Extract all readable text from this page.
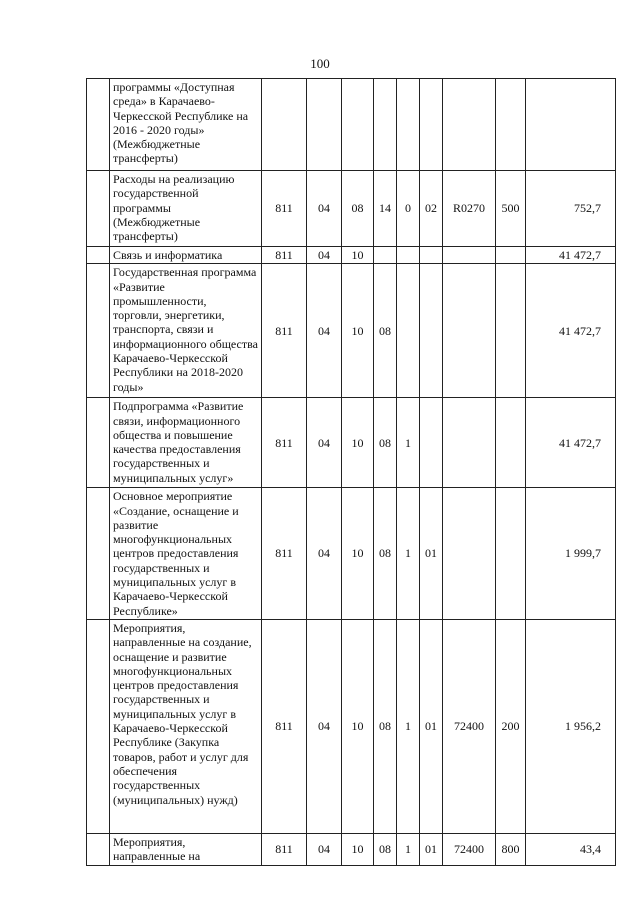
100
	программы «Доступная среда» в Карачаево-Черкесской Республике на 2016 - 2020 годы» (Межбюджетные трансферты)									
	Расходы на реализацию государственной программы (Межбюджетные трансферты)	811	04	08	14	0	02	R0270	500	752,7
	Связь и информатика	811	04	10						41 472,7
	Государственная программа «Развитие промышленности, торговли, энергетики, транспорта, связи и информационного общества Карачаево-Черкесской Республики на 2018-2020 годы»	811	04	10	08					41 472,7
	Подпрограмма «Развитие связи, информационного общества и повышение качества предоставления государственных и муниципальных услуг»	811	04	10	08	1				41 472,7
	Основное мероприятие «Создание, оснащение и развитие многофункциональных центров предоставления государственных и муниципальных услуг в Карачаево-Черкесской Республике»	811	04	10	08	1	01			1 999,7
	Мероприятия, направленные на создание, оснащение и развитие многофункциональных центров предоставления государственных и муниципальных услуг в Карачаево-Черкесской Республике (Закупка товаров, работ и услуг для обеспечения государственных (муниципальных) нужд)	811	04	10	08	1	01	72400	200	1 956,2
	Мероприятия, направленные на	811	04	10	08	1	01	72400	800	43,4
